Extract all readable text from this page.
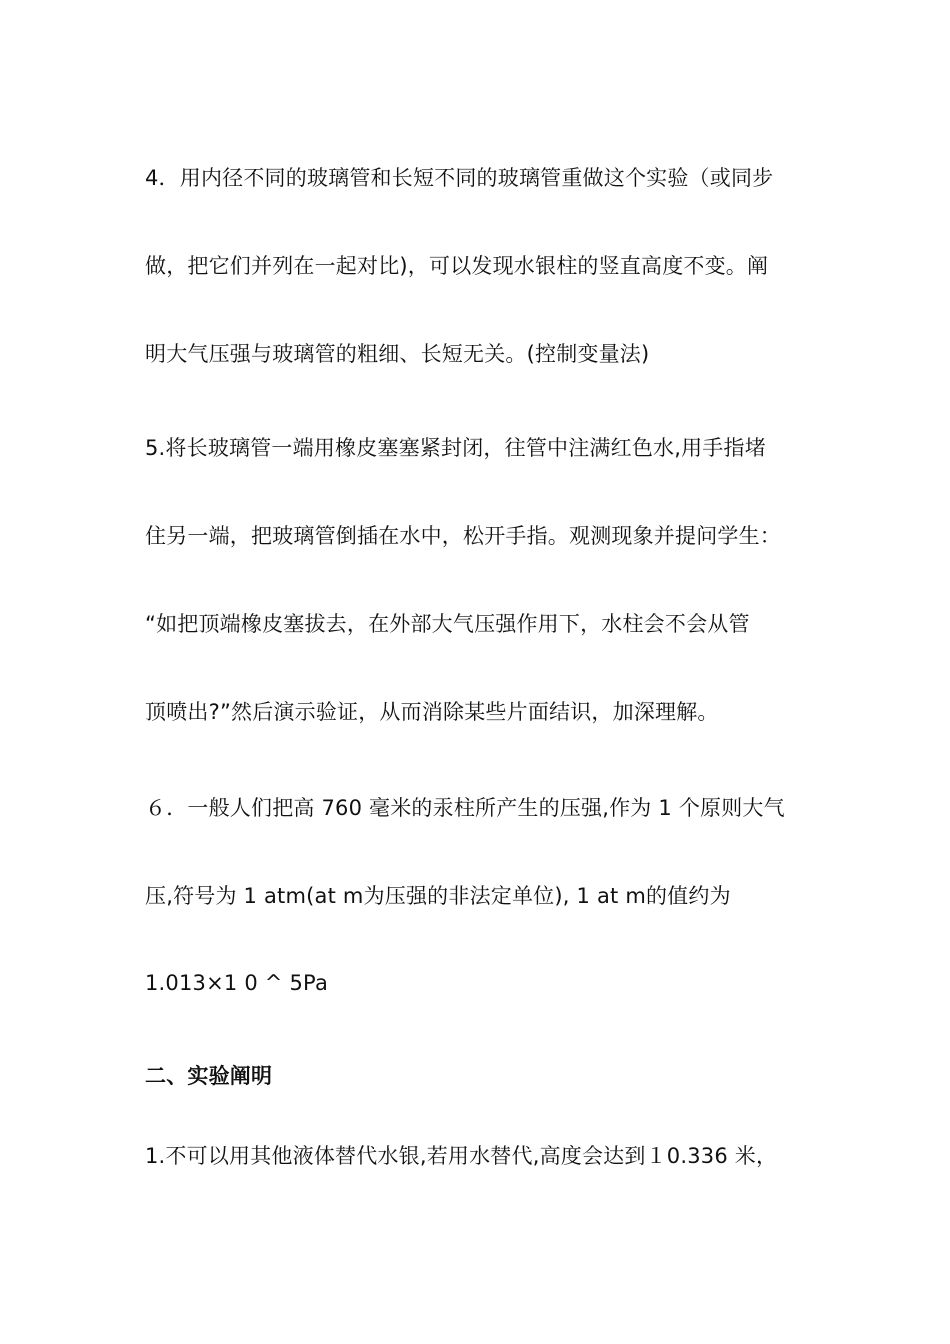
4．用内径不同的玻璃管和长短不同的玻璃管重做这个实验（或同步
做，把它们并列在一起对比)，可以发现水银柱的竖直高度不变。阐
明大气压强与玻璃管的粗细、长短无关。(控制变量法)
5.将长玻璃管一端用橡皮塞塞紧封闭，往管中注满红色水,用手指堵
住另一端，把玻璃管倒插在水中，松开手指。观测现象并提问学生：
“如把顶端橡皮塞拔去，在外部大气压强作用下，水柱会不会从管
顶喷出?”然后演示验证，从而消除某些片面结识，加深理解。
６．一般人们把高 760 毫米的汞柱所产生的压强,作为 1 个原则大气
压,符号为 1 atm(at m为压强的非法定单位), 1 at m的值约为
1.013×1 0 ^ 5Pa
二、实验阐明
1.不可以用其他液体替代水银,若用水替代,高度会达到１0.336 米，
